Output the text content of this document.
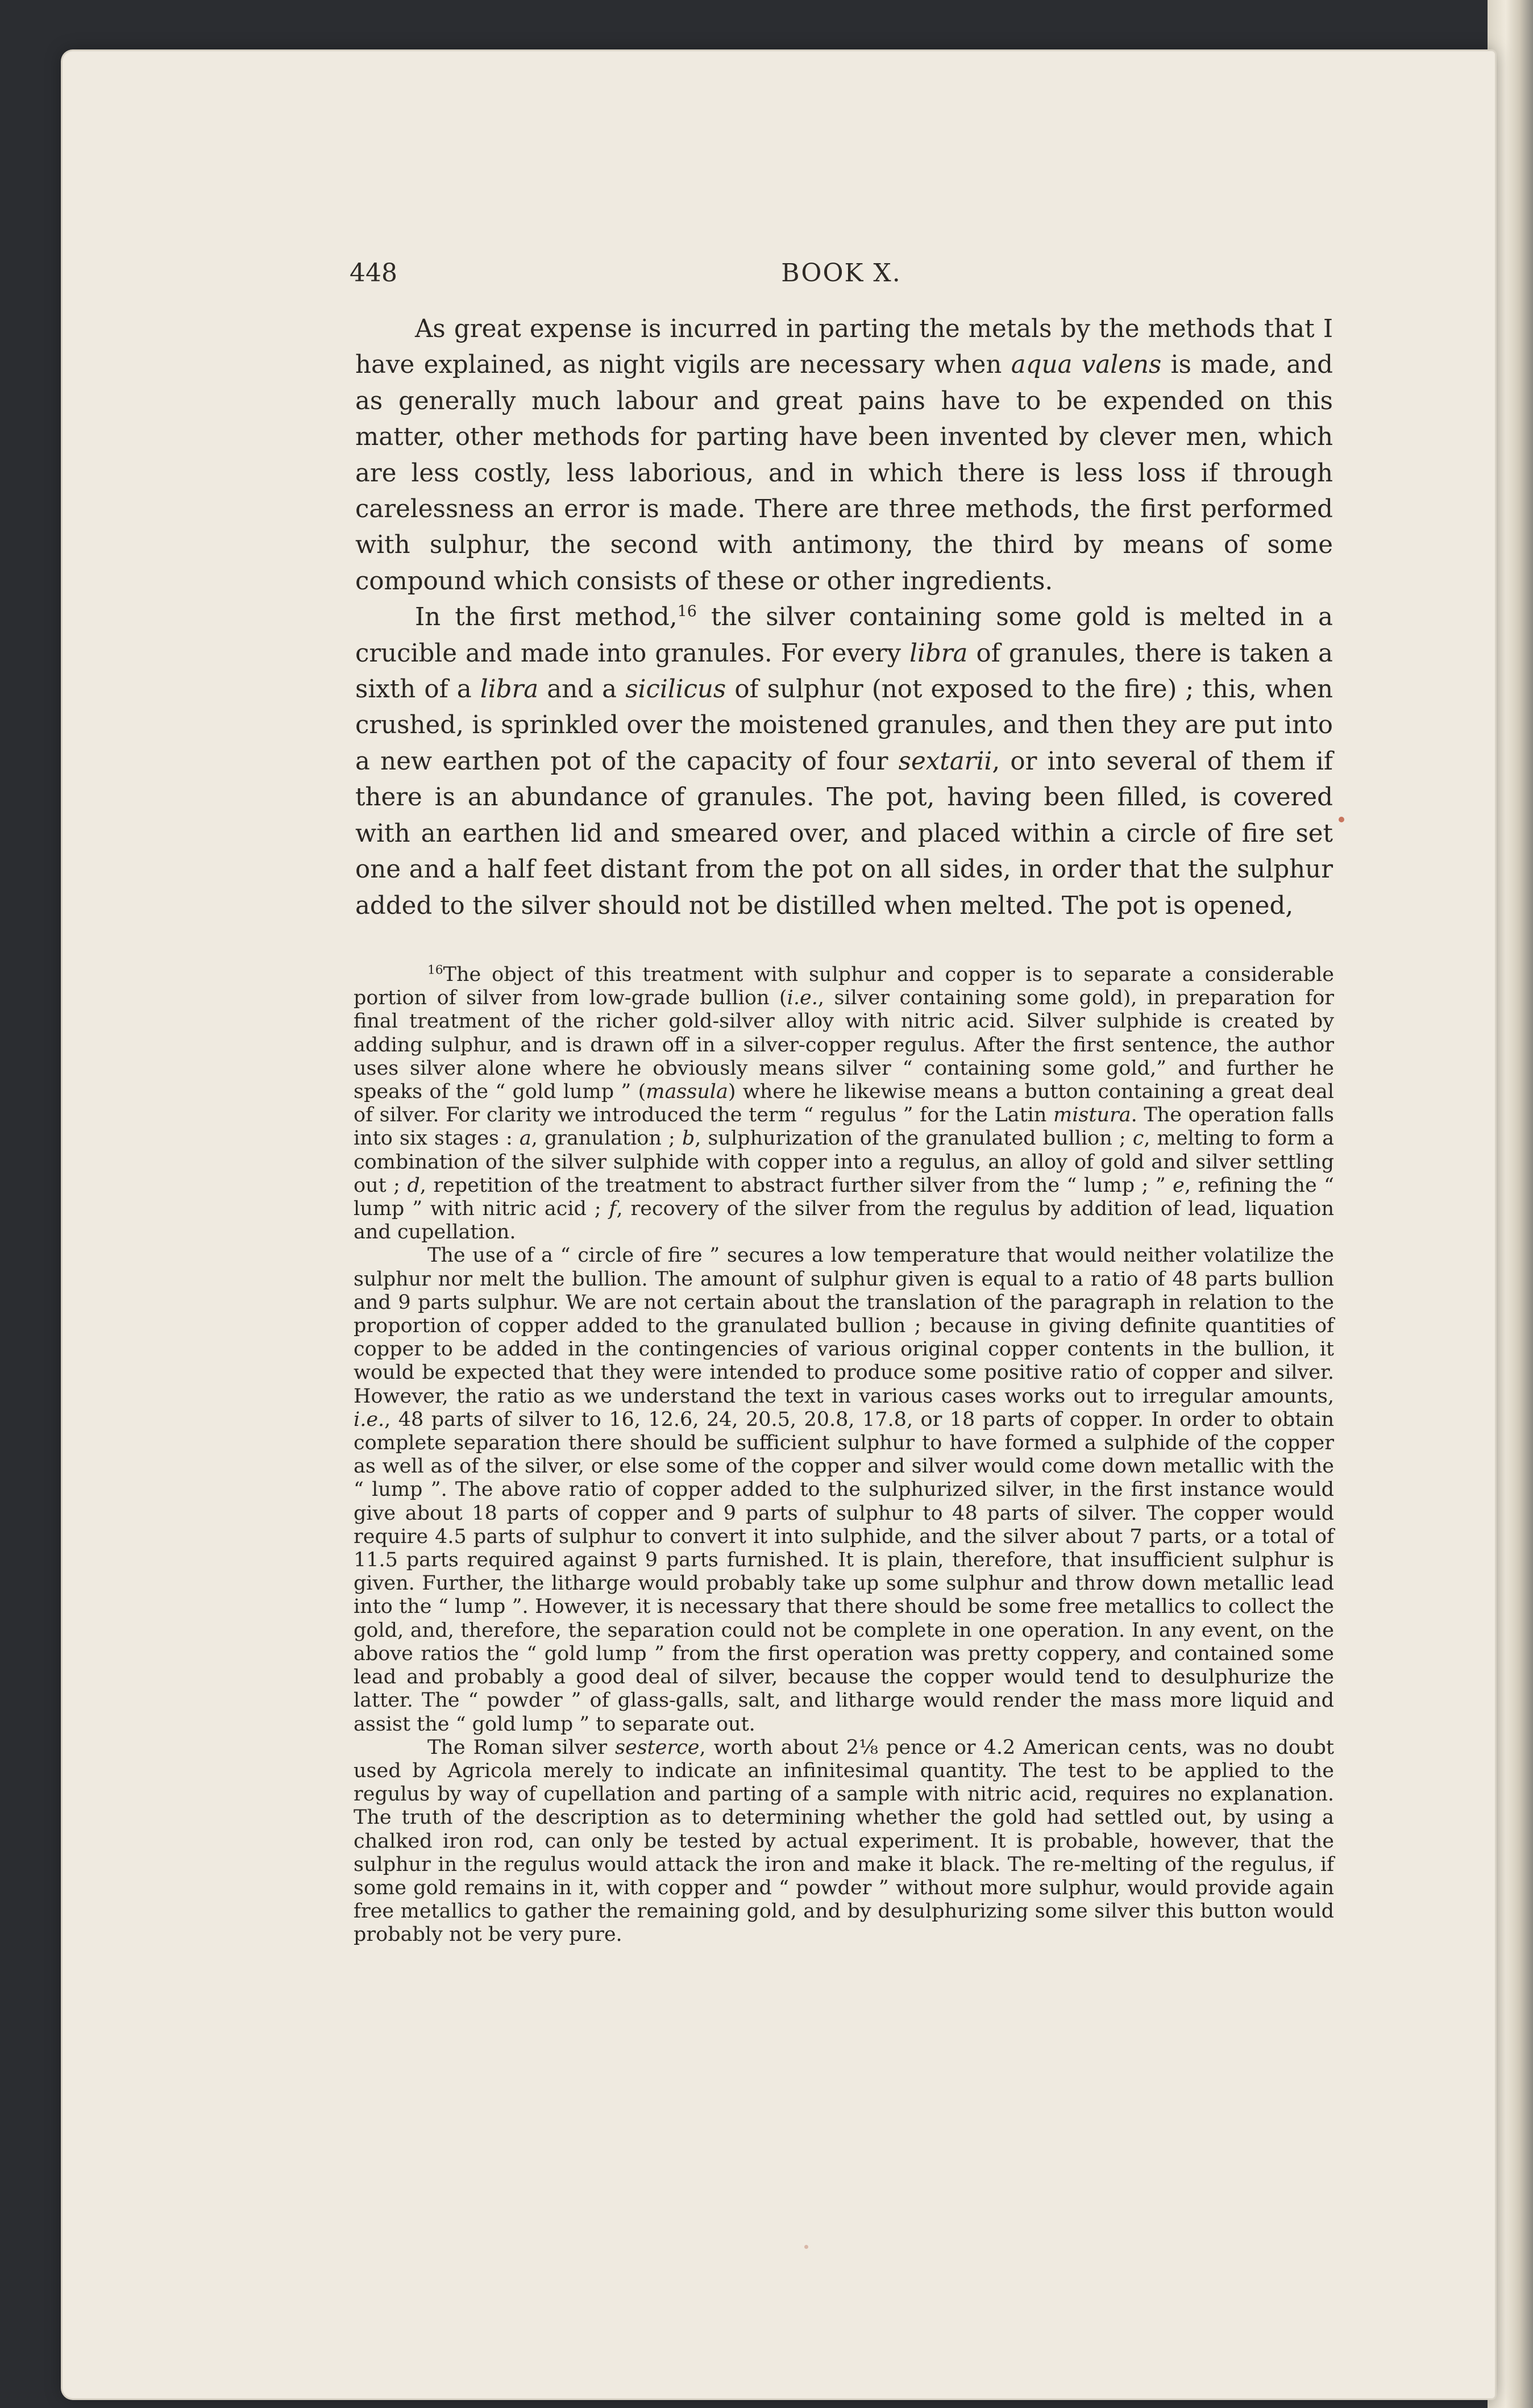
448	BOOK X.

As great expense is incurred in parting the metals by the methods that I have explained, as night vigils are necessary when aqua valens is made, and as generally much labour and great pains have to be expended on this matter, other methods for parting have been invented by clever men, which are less costly, less laborious, and in which there is less loss if through carelessness an error is made. There are three methods, the first performed with sulphur, the second with antimony, the third by means of some compound which consists of these or other ingredients.

In the first method,$^{16}$ the silver containing some gold is melted in a crucible and made into granules. For every libra of granules, there is taken a sixth of a libra and a sicilicus of sulphur (not exposed to the fire) ; this, when crushed, is sprinkled over the moistened granules, and then they are put into a new earthen pot of the capacity of four sextarii, or into several of them if there is an abundance of granules. The pot, having been filled, is covered with an earthen lid and smeared over, and placed within a circle of fire set one and a half feet distant from the pot on all sides, in order that the sulphur added to the silver should not be distilled when melted. The pot is opened,

$^{16}$The object of this treatment with sulphur and copper is to separate a considerable portion of silver from low-grade bullion (i.e., silver containing some gold), in preparation for final treatment of the richer gold-silver alloy with nitric acid. Silver sulphide is created by adding sulphur, and is drawn off in a silver-copper regulus. After the first sentence, the author uses silver alone where he obviously means silver “ containing some gold,” and further he speaks of the “ gold lump ” (massula) where he likewise means a button containing a great deal of silver. For clarity we introduced the term “ regulus ” for the Latin mistura. The operation falls into six stages : a, granulation ; b, sulphurization of the granulated bullion ; c, melting to form a combination of the silver sulphide with copper into a regulus, an alloy of gold and silver settling out ; d, repetition of the treatment to abstract further silver from the “ lump ; ” e, refining the “ lump ” with nitric acid ; f, recovery of the silver from the regulus by addition of lead, liquation and cupellation.

The use of a “ circle of fire ” secures a low temperature that would neither volatilize the sulphur nor melt the bullion. The amount of sulphur given is equal to a ratio of 48 parts bullion and 9 parts sulphur. We are not certain about the translation of the paragraph in relation to the proportion of copper added to the granulated bullion ; because in giving definite quantities of copper to be added in the contingencies of various original copper contents in the bullion, it would be expected that they were intended to produce some positive ratio of copper and silver. However, the ratio as we understand the text in various cases works out to irregular amounts, i.e., 48 parts of silver to 16, 12.6, 24, 20.5, 20.8, 17.8, or 18 parts of copper. In order to obtain complete separation there should be sufficient sulphur to have formed a sulphide of the copper as well as of the silver, or else some of the copper and silver would come down metallic with the “ lump ”. The above ratio of copper added to the sulphurized silver, in the first instance would give about 18 parts of copper and 9 parts of sulphur to 48 parts of silver. The copper would require 4.5 parts of sulphur to convert it into sulphide, and the silver about 7 parts, or a total of 11.5 parts required against 9 parts furnished. It is plain, therefore, that insufficient sulphur is given. Further, the litharge would probably take up some sulphur and throw down metallic lead into the “ lump ”. However, it is necessary that there should be some free metallics to collect the gold, and, therefore, the separation could not be complete in one operation. In any event, on the above ratios the “ gold lump ” from the first operation was pretty coppery, and contained some lead and probably a good deal of silver, because the copper would tend to desulphurize the latter. The “ powder ” of glass-galls, salt, and litharge would render the mass more liquid and assist the “ gold lump ” to separate out.

The Roman silver sesterce, worth about 2⅛ pence or 4.2 American cents, was no doubt used by Agricola merely to indicate an infinitesimal quantity. The test to be applied to the regulus by way of cupellation and parting of a sample with nitric acid, requires no explanation. The truth of the description as to determining whether the gold had settled out, by using a chalked iron rod, can only be tested by actual experiment. It is probable, however, that the sulphur in the regulus would attack the iron and make it black. The re-melting of the regulus, if some gold remains in it, with copper and “ powder ” without more sulphur, would provide again free metallics to gather the remaining gold, and by desulphurizing some silver this button would probably not be very pure.
